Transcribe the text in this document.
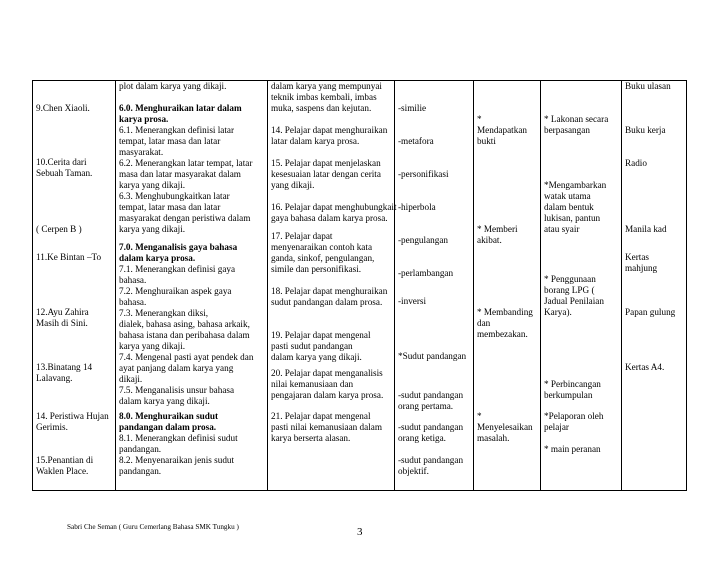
9.Chen Xiaoli.
10.Cerita dari
Sebuah Taman.
( Cerpen B )
11.Ke Bintan –To
12.Ayu Zahira
Masih di Sini.
13.Binatang 14
Lalavang.
14. Peristiwa Hujan
Gerimis.
15.Penantian di
Waklen Place.

plot dalam karya yang dikaji.
6.0. Menghuraikan latar dalam
karya prosa.
6.1. Menerangkan definisi latar
tempat, latar masa dan latar
masyarakat.
6.2. Menerangkan latar tempat, latar
masa dan latar masyarakat dalam
karya yang dikaji.
6.3. Menghubungkaitkan latar
tempat, latar masa dan latar
masyarakat dengan peristiwa dalam
karya yang dikaji.
7.0. Menganalisis gaya bahasa
dalam karya prosa.
7.1. Menerangkan definisi gaya
bahasa.
7.2. Menghuraikan aspek gaya
bahasa.
7.3. Menerangkan diksi,
dialek, bahasa asing, bahasa arkaik,
bahasa istana dan peribahasa dalam
karya yang dikaji.
7.4. Mengenal pasti ayat pendek dan
ayat panjang dalam karya yang
dikaji.
7.5. Menganalisis unsur bahasa
dalam karya yang dikaji.
8.0. Menghuraikan sudut
pandangan dalam prosa.
8.1. Menerangkan definisi sudut
pandangan.
8.2. Menyenaraikan jenis sudut
pandangan.

dalam karya yang mempunyai
teknik imbas kembali, imbas
muka, saspens dan kejutan.
14. Pelajar dapat menghuraikan
latar dalam karya prosa.
15. Pelajar dapat menjelaskan
kesesuaian latar dengan cerita
yang dikaji.
16. Pelajar dapat menghubungkait
gaya bahasa dalam karya prosa.
17. Pelajar dapat
menyenaraikan contoh kata
ganda, sinkof, pengulangan,
simile dan personifikasi.
18. Pelajar dapat menghuraikan
sudut pandangan dalam prosa.
19. Pelajar dapat mengenal
pasti sudut pandangan
dalam karya yang dikaji.
20. Pelajar dapat menganalisis
nilai kemanusiaan dan
pengajaran dalam karya prosa.
21. Pelajar dapat mengenal
pasti nilai kemanusiaan dalam
karya berserta alasan.

-similie
-metafora
-personifikasi
-hiperbola
-pengulangan
-perlambangan
-inversi
*Sudut pandangan
-sudut pandangan
orang pertama.
-sudut pandangan
orang ketiga.
-sudut pandangan
objektif.

*
Mendapatkan
bukti
* Memberi
akibat.
* Membanding
dan
membezakan.
*
Menyelesaikan
masalah.

* Lakonan secara
berpasangan
*Mengambarkan
watak utama
dalam bentuk
lukisan, pantun
atau syair
* Penggunaan
borang LPG (
Jadual Penilaian
Karya).
* Perbincangan
berkumpulan
*Pelaporan oleh
pelajar
* main peranan

Buku ulasan
Buku kerja
Radio
Manila kad
Kertas
mahjung
Papan gulung
Kertas A4.
Sabri Che Seman ( Guru Cemerlang Bahasa SMK Tungku )	3
